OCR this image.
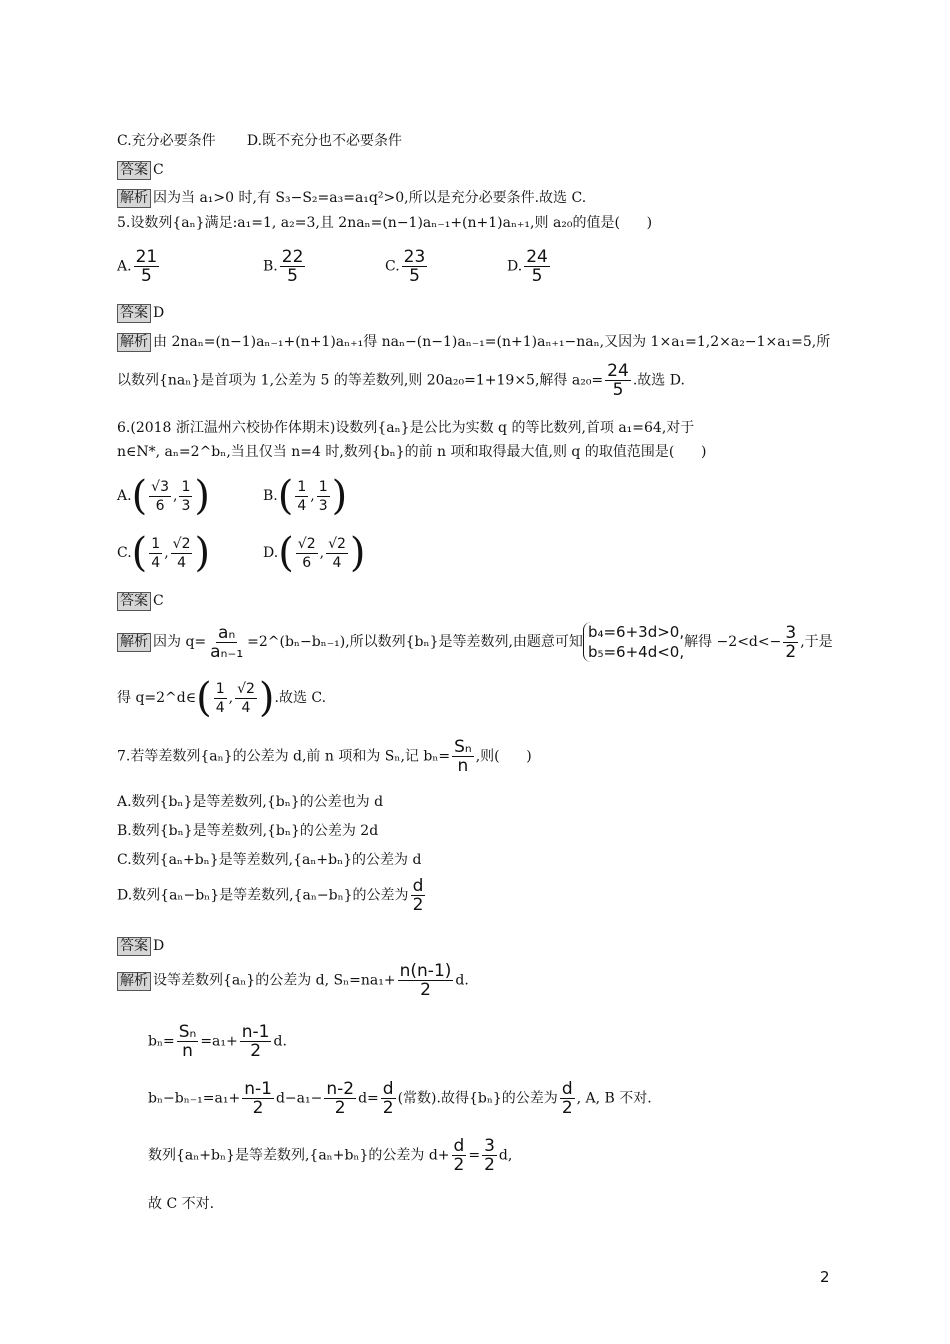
C.充分必要条件       D.既不充分也不必要条件
答案 C
解析 因为当 a₁>0 时,有 S₃−S₂=a₃=a₁q²>0,所以是充分必要条件.故选 C.
5.设数列{aₙ}满足:a₁=1, a₂=3,且 2naₙ=(n−1)aₙ₋₁+(n+1)aₙ₊₁,则 a₂₀的值是(      )
A. $\frac{21}{5}$	B. $\frac{22}{5}$	C. $\frac{23}{5}$	D. $\frac{24}{5}$
答案 D
解析 由 2naₙ=(n−1)aₙ₋₁+(n+1)aₙ₊₁得 naₙ−(n−1)aₙ₋₁=(n+1)aₙ₊₁−naₙ,又因为 1×a₁=1,2×a₂−1×a₁=5,所
以数列{naₙ}是首项为 1,公差为 5 的等差数列,则 20a₂₀=1+19×5,解得 $a_{20}= \frac{24}{5}$ .故选 D.
6.(2018 浙江温州六校协作体期末)设数列{aₙ}是公比为实数 q 的等比数列,首项 a₁=64,对于
n∈N*, aₙ=2^bₙ,当且仅当 n=4 时,数列{bₙ}的前 n 项和取得最大值,则 q 的取值范围是(      )
$A.( \frac{√3}{6}$ , $\frac{1}{3}$ )	$B.( \frac{1}{4}$ , $\frac{1}{3}$ )
$C.( \frac{1}{4}$ , $\frac{√2}{4}$ )	$D.( \frac{√2}{6}$ , $\frac{√2}{4}$ )
答案 C
解析 因为 $q= \frac{\text{aₙ}}{\text{aₙ₋₁}}$ =2^(bₙ−bₙ₋₁),所以数列{bₙ}是等差数列,由题意可知b₄=6+3d>0,
b₅=6+4d<0,解得 $-2<d<- \frac{3}{2}$ ,于是
得 q=2^d∈( $\frac{1}{4}$ , $\frac{√2}{4}$ ).故选 C.
7.若等差数列{aₙ}的公差为 d,前 n 项和为 Sₙ,记 $b_n= \frac{\text{Sₙ}}{n}$ ,则(      )
A.数列{bₙ}是等差数列,{bₙ}的公差也为 d
B.数列{bₙ}是等差数列,{bₙ}的公差为 2d
C.数列{aₙ+bₙ}是等差数列,{aₙ+bₙ}的公差为 d
D.数列{aₙ−bₙ}是等差数列,{aₙ−bₙ}的公差为 $\frac{d}{2}$
答案 D
解析 设等差数列{aₙ}的公差为 d, $S_n=na_1+ \frac{n(n-1)}{2} d$.
$b_n= \frac{\text{Sₙ}}{n} =a_1+ \frac{n-1}{2} d$.
$b_n-b_{n-1}=a_1+ \frac{n-1}{2} d-a_1- \frac{n-2}{2} d= \frac{d}{2}$ (常数).故得{bₙ}的公差为 $\frac{d}{2}$ , A, B 不对.
数列{aₙ+bₙ}是等差数列,{aₙ+bₙ}的公差为 $d+ \frac{d}{2} = \frac{3}{2} d$,
故 C 不对.
2
